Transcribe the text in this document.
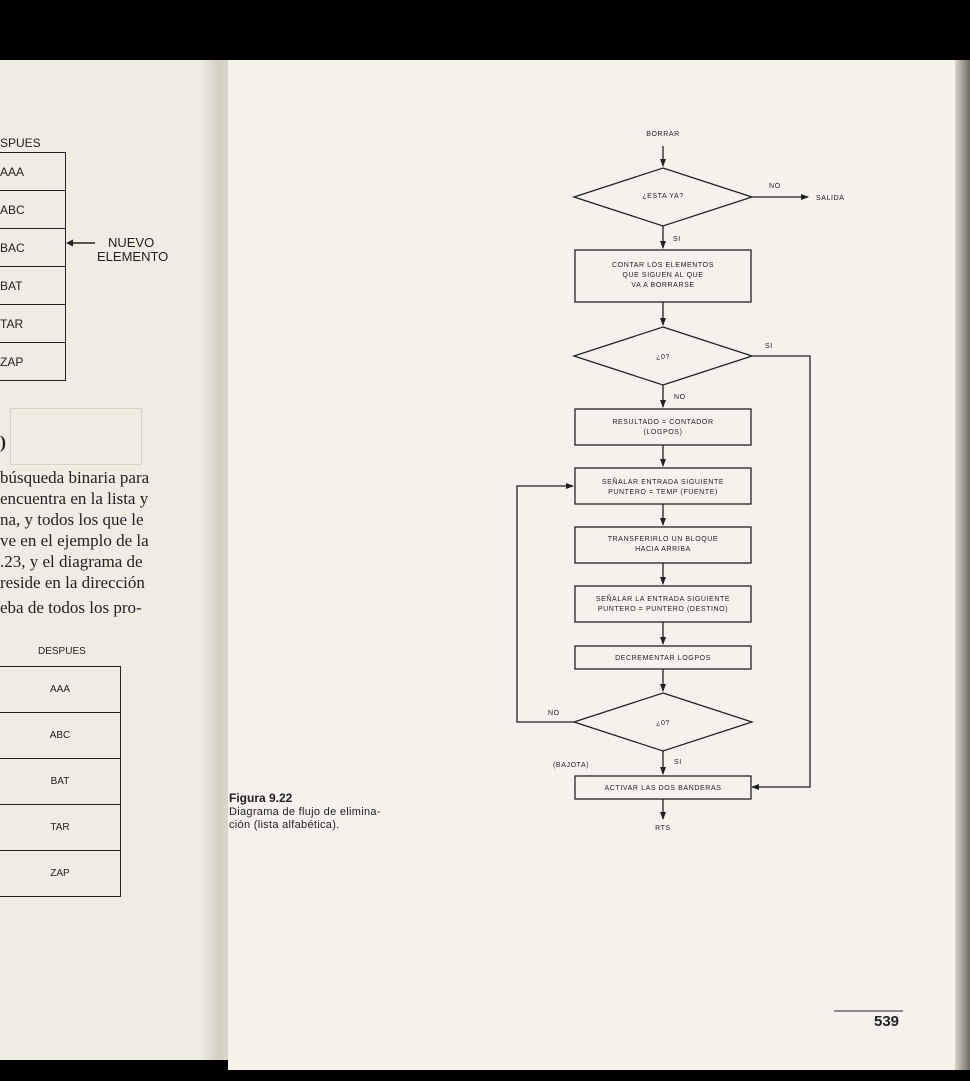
SPUES
AAA
ABC
BAC
BAT
TAR
ZAP
NUEVO
ELEMENTO
)
búsqueda binaria para
encuentra en la lista y
na, y todos los que le
ve en el ejemplo de la
.23, y el diagrama de
reside en la dirección
eba de todos los pro-
DESPUES
AAA
ABC
BAT
TAR
ZAP
BORRAR
¿ESTA YA?
NO
SALIDA
SI
CONTAR LOS ELEMENTOS
QUE SIGUEN AL QUE
VA A BORRARSE
¿0?
SI
NO
RESULTADO = CONTADOR
(LOGPOS)
SEÑALAR ENTRADA SIGUIENTE
PUNTERO = TEMP (FUENTE)
TRANSFERIRLO UN BLOQUE
HACIA ARRIBA
SEÑALAR LA ENTRADA SIGUIENTE
PUNTERO = PUNTERO (DESTINO)
DECREMENTAR LOGPOS
¿0?
NO
SI
(BAJOTA)
ACTIVAR LAS DOS BANDERAS
RTS
Figura 9.22
Diagrama de flujo de elimina-
ción (lista alfabética).
539
